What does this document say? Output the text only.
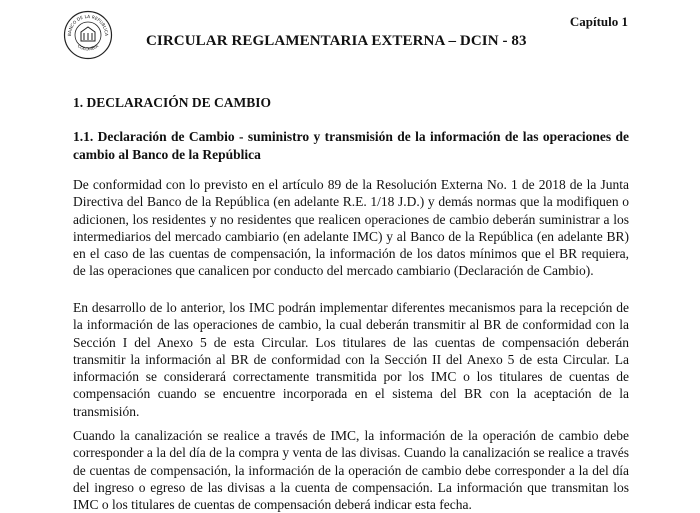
BANCO DE LA REPUBLICA
COLOMBIA
Capítulo 1
CIRCULAR REGLAMENTARIA EXTERNA – DCIN - 83
1. DECLARACIÓN DE CAMBIO
1.1. Declaración de Cambio - suministro y transmisión de la información de las operaciones de cambio al Banco de la República

De conformidad con lo previsto en el artículo 89 de la Resolución Externa No. 1 de 2018 de la Junta Directiva del Banco de la República (en adelante R.E. 1/18 J.D.) y demás normas que la modifiquen o adicionen, los residentes y no residentes que realicen operaciones de cambio deberán suministrar a los intermediarios del mercado cambiario (en adelante IMC) y al Banco de la República (en adelante BR) en el caso de las cuentas de compensación, la información de los datos mínimos que el BR requiera, de las operaciones que canalicen por conducto del mercado cambiario (Declaración de Cambio).

En desarrollo de lo anterior, los IMC podrán implementar diferentes mecanismos para la recepción de la información de las operaciones de cambio, la cual deberán transmitir al BR de conformidad con la Sección I del Anexo 5 de esta Circular. Los titulares de las cuentas de compensación deberán transmitir la información al BR de conformidad con la Sección II del Anexo 5 de esta Circular. La información se considerará correctamente transmitida por los IMC o los titulares de cuentas de compensación cuando se encuentre incorporada en el sistema del BR con la aceptación de la transmisión.

Cuando la canalización se realice a través de IMC, la información de la operación de cambio debe corresponder a la del día de la compra y venta de las divisas. Cuando la canalización se realice a través de cuentas de compensación, la información de la operación de cambio debe corresponder a la del día del ingreso o egreso de las divisas a la cuenta de compensación. La información que transmitan los IMC o los titulares de cuentas de compensación deberá indicar esta fecha.
